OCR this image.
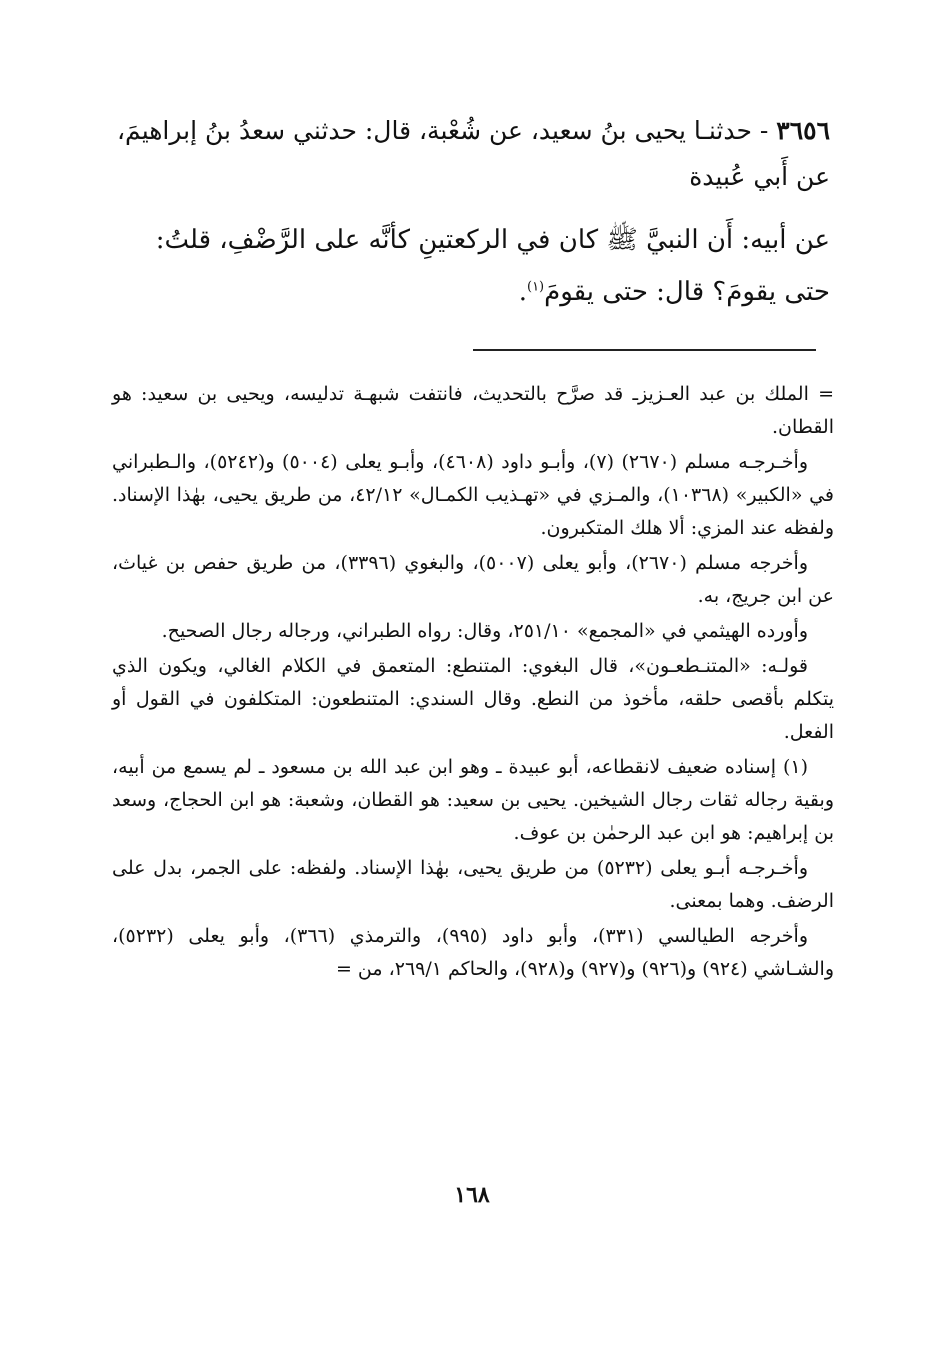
٣٦٥٦ - حدثنـا يحيى بنُ سعيد، عن شُعْبة، قال: حدثني سعدُ بنُ إبراهيمَ، عن أَبي عُبيدة
عن أبيه: أَن النبيَّ ﷺ كان في الركعتينِ كأنَّه على الرَّضْفِ، قلتُ: حتى يقومَ؟ قال: حتى يقومَ$^{(١)}$.

= الملك بن عبد العـزيزـ قد صرَّح بالتحديث، فانتفت شبهـة تدليسه، ويحيى بن سعيد: هو القطان.

وأخـرجـه مسلم (٢٦٧٠) (٧)، وأبـو داود (٤٦٠٨)، وأبـو يعلى (٥٠٠٤) و(٥٢٤٢)، والـطبراني في «الكبير» (١٠٣٦٨)، والمـزي في «تهـذيب الكمـال» ٤٢/١٢، من طريق يحيى، بهٰذا الإسناد. ولفظه عند المزي: ألا هلك المتكبرون.

وأخرجه مسلم (٢٦٧٠)، وأبو يعلى (٥٠٠٧)، والبغوي (٣٣٩٦)، من طريق حفص بن غياث، عن ابن جريج، به.

وأورده الهيثمي في «المجمع» ٢٥١/١٠، وقال: رواه الطبراني، ورجاله رجال الصحيح.

قولـه: «المتنـطعـون»، قال البغوي: المتنطع: المتعمق في الكلام الغالي، ويكون الذي يتكلم بأقصى حلقه، مأخوذ من النطع. وقال السندي: المتنطعون: المتكلفون في القول أو الفعل.

(١) إسناده ضعيف لانقطاعه، أبو عبيدة ـ وهو ابن عبد الله بن مسعود ـ لم يسمع من أبيه، وبقية رجاله ثقات رجال الشيخين. يحيى بن سعيد: هو القطان، وشعبة: هو ابن الحجاج، وسعد بن إبراهيم: هو ابن عبد الرحمٰن بن عوف.

وأخـرجـه أبـو يعلى (٥٢٣٢) من طريق يحيى، بهٰذا الإسناد. ولفظه: على الجمر، بدل على الرضف. وهما بمعنى.

وأخرجه الطيالسي (٣٣١)، وأبو داود (٩٩٥)، والترمذي (٣٦٦)، وأبو يعلى (٥٢٣٢)، والشـاشي (٩٢٤) و(٩٢٦) و(٩٢٧) و(٩٢٨)، والحاكم ٢٦٩/١، من =

١٦٨
